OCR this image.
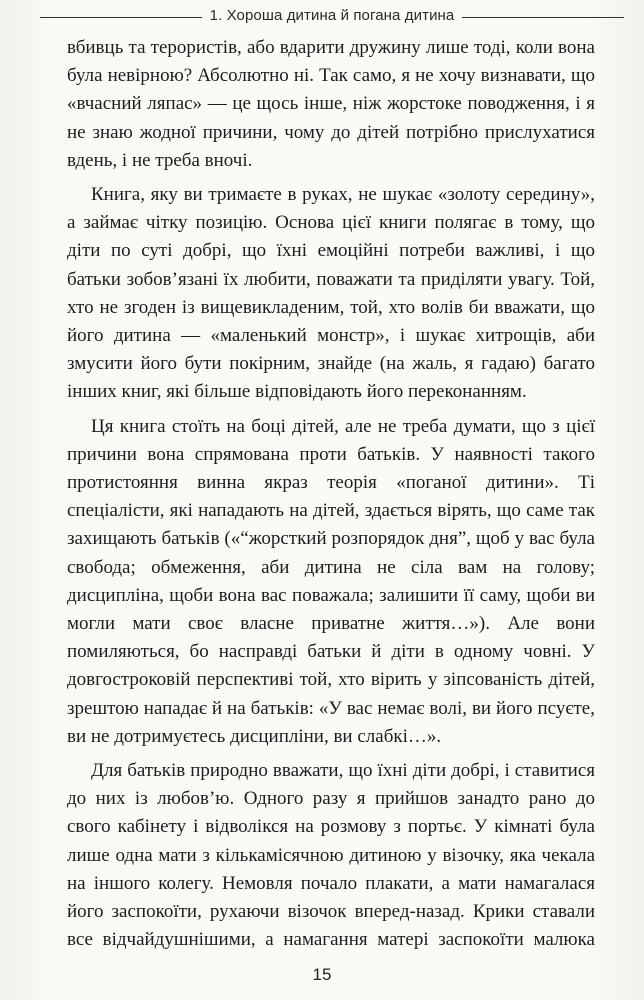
1. Хороша дитина й погана дитина

вбивць та терористів, або вдарити дружину лише тоді, коли вона була невірною? Абсолютно ні. Так само, я не хочу визнавати, що «вчасний ляпас» — це щось інше, ніж жорстоке поводження, і я не знаю жодної причини, чому до дітей потрібно прислухатися вдень, і не треба вночі.

Книга, яку ви тримаєте в руках, не шукає «золоту середину», а займає чітку позицію. Основа цієї книги полягає в тому, що діти по суті добрі, що їхні емоційні потреби важливі, і що батьки зобов’язані їх любити, поважати та приділяти увагу. Той, хто не згоден із вищевикладеним, той, хто волів би вважати, що його дитина — «маленький монстр», і шукає хитрощів, аби змусити його бути покірним, знайде (на жаль, я гадаю) багато інших книг, які більше відповідають його переконанням.

Ця книга стоїть на боці дітей, але не треба думати, що з цієї причини вона спрямована проти батьків. У наявності такого протистояння винна якраз теорія «поганої дитини». Ті спеціалісти, які нападають на дітей, здається вірять, що саме так захищають батьків («“жорсткий розпорядок дня”, щоб у вас була свобода; обмеження, аби дитина не сіла вам на голову; дисципліна, щоби вона вас поважала; залишити її саму, щоби ви могли мати своє власне приватне життя…»). Але вони помиляються, бо насправді батьки й діти в одному човні. У довгостроковій перспективі той, хто вірить у зіпсованість дітей, зрештою нападає й на батьків: «У вас немає волі, ви його псуєте, ви не дотримуєтесь дисципліни, ви слабкі…».

Для батьків природно вважати, що їхні діти добрі, і ставитися до них із любов’ю. Одного разу я прийшов занадто рано до свого кабінету і відволікся на розмову з портьє. У кімнаті була лише одна мати з кількамісячною дитиною у візочку, яка чекала на іншого колегу. Немовля почало плакати, а мати намагалася його заспокоїти, рухаючи візочок вперед-назад. Крики ставали все відчайдушнішими, а намагання матері заспокоїти малюка

15
